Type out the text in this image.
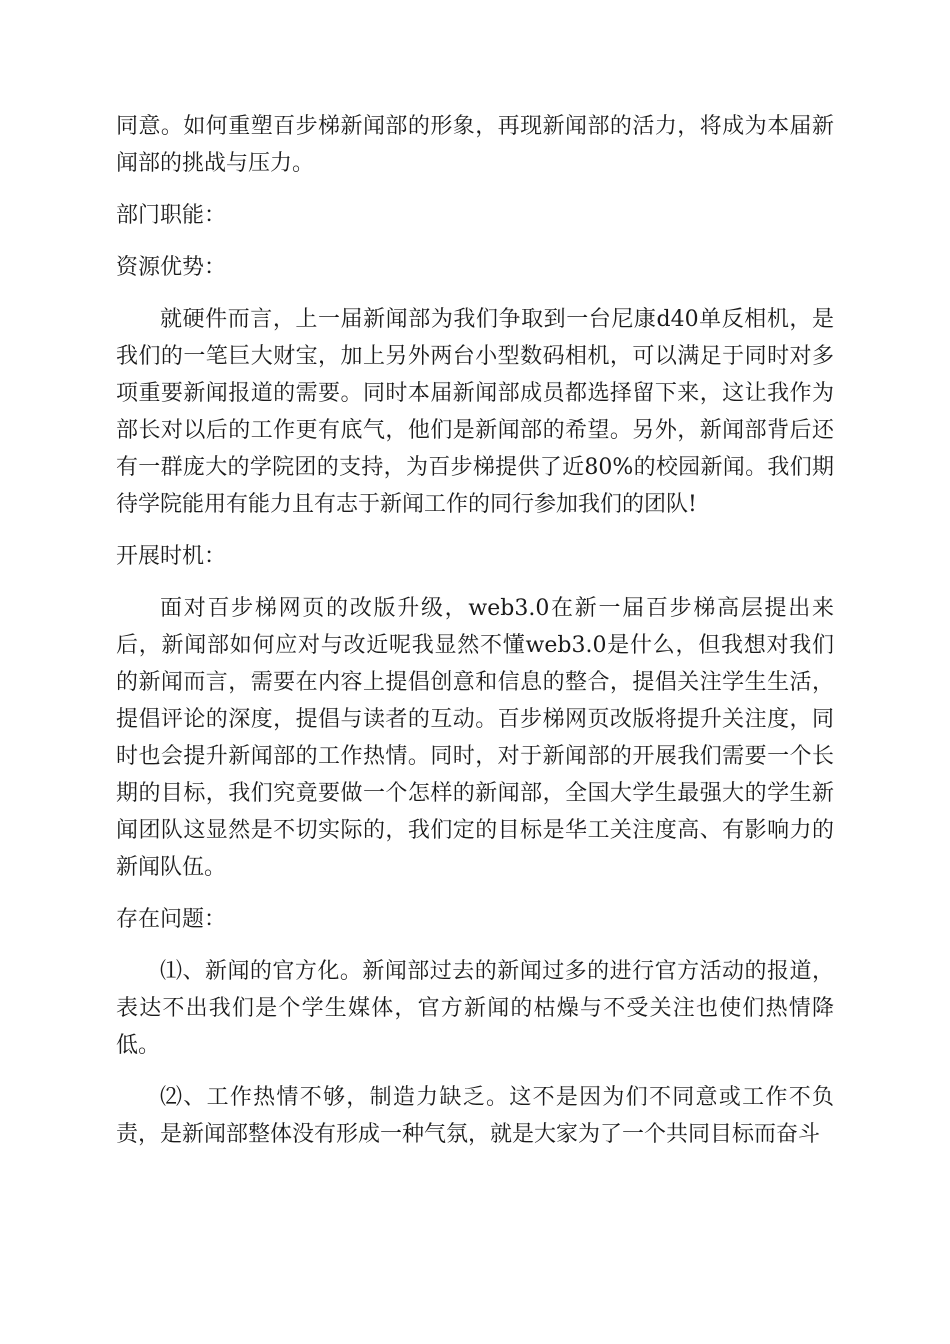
同意。如何重塑百步梯新闻部的形象，再现新闻部的活力，将成为本届新闻部的挑战与压力。

部门职能：

资源优势：

就硬件而言，上一届新闻部为我们争取到一台尼康d40单反相机，是我们的一笔巨大财宝，加上另外两台小型数码相机，可以满足于同时对多项重要新闻报道的需要。同时本届新闻部成员都选择留下来，这让我作为部长对以后的工作更有底气，他们是新闻部的希望。另外，新闻部背后还有一群庞大的学院团的支持，为百步梯提供了近80%的校园新闻。我们期待学院能用有能力且有志于新闻工作的同行参加我们的团队!

开展时机：

面对百步梯网页的改版升级，web3.0在新一届百步梯高层提出来后，新闻部如何应对与改近呢我显然不懂web3.0是什么，但我想对我们的新闻而言，需要在内容上提倡创意和信息的整合，提倡关注学生生活，提倡评论的深度，提倡与读者的互动。百步梯网页改版将提升关注度，同时也会提升新闻部的工作热情。同时，对于新闻部的开展我们需要一个长期的目标，我们究竟要做一个怎样的新闻部，全国大学生最强大的学生新闻团队这显然是不切实际的，我们定的目标是华工关注度高、有影响力的新闻队伍。

存在问题：

⑴、新闻的官方化。新闻部过去的新闻过多的进行官方活动的报道，表达不出我们是个学生媒体，官方新闻的枯燥与不受关注也使们热情降低。

⑵、工作热情不够，制造力缺乏。这不是因为们不同意或工作不负责，是新闻部整体没有形成一种气氛，就是大家为了一个共同目标而奋斗
